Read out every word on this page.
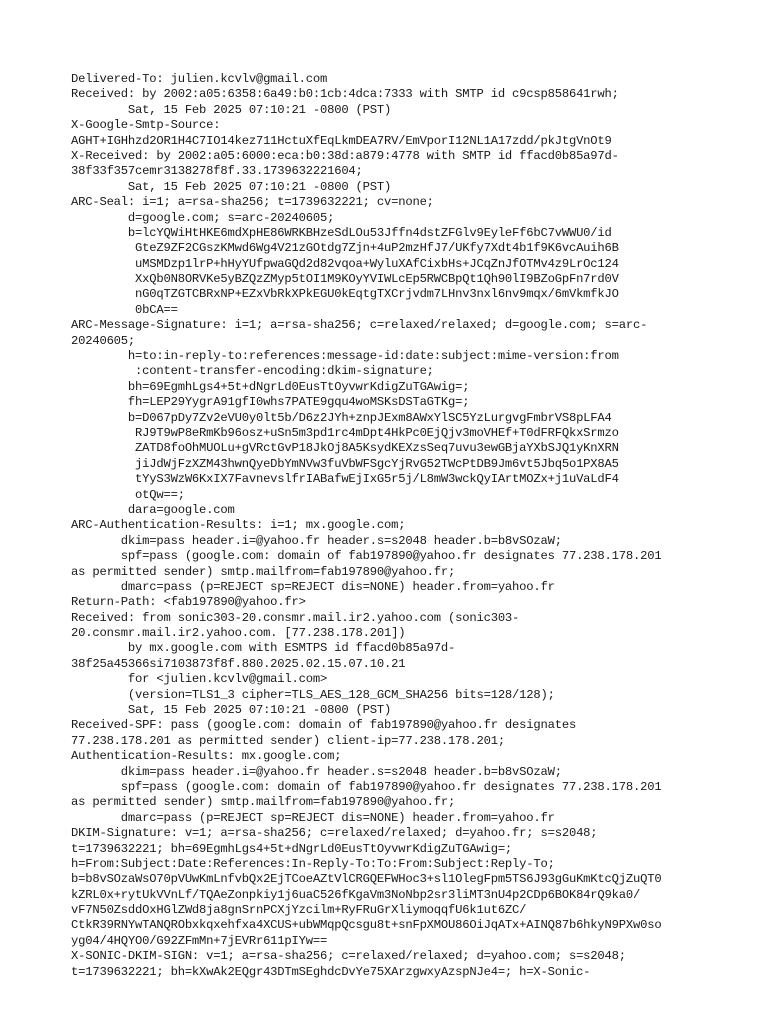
Delivered-To: julien.kcvlv@gmail.com
Received: by 2002:a05:6358:6a49:b0:1cb:4dca:7333 with SMTP id c9csp858641rwh;
Sat, 15 Feb 2025 07:10:21 -0800 (PST)
X-Google-Smtp-Source:
AGHT+IGHhzd2OR1H4C7IO14kez711HctuXfEqLkmDEA7RV/EmVporI12NL1A17zdd/pkJtgVnOt9
X-Received: by 2002:a05:6000:eca:b0:38d:a879:4778 with SMTP id ffacd0b85a97d-
38f33f357cemr3138278f8f.33.1739632221604;
Sat, 15 Feb 2025 07:10:21 -0800 (PST)
ARC-Seal: i=1; a=rsa-sha256; t=1739632221; cv=none;
d=google.com; s=arc-20240605;
b=lcYQWiHtHKE6mdXpHE86WRKBHzeSdLOu53Jffn4dstZFGlv9EyleFf6bC7vWWU0/id
GteZ9ZF2CGszKMwd6Wg4V21zGOtdg7Zjn+4uP2mzHfJ7/UKfy7Xdt4b1f9K6vcAuih6B
uMSMDzp1lrP+hHyYUfpwaGQd2d82vqoa+WyluXAfCixbHs+JCqZnJfOTMv4z9LrOc124
XxQb0N8ORVKe5yBZQzZMyp5tOI1M9KOyYVIWLcEp5RWCBpQt1Qh90lI9BZoGpFn7rd0V
nG0qTZGTCBRxNP+EZxVbRkXPkEGU0kEqtgTXCrjvdm7LHnv3nxl6nv9mqx/6mVkmfkJO
0bCA==
ARC-Message-Signature: i=1; a=rsa-sha256; c=relaxed/relaxed; d=google.com; s=arc-
20240605;
h=to:in-reply-to:references:message-id:date:subject:mime-version:from
:content-transfer-encoding:dkim-signature;
bh=69EgmhLgs4+5t+dNgrLd0EusTtOyvwrKdigZuTGAwig=;
fh=LEP29YygrA91gfI0whs7PATE9gqu4woMSKsDSTaGTKg=;
b=D067pDy7Zv2eVU0y0lt5b/D6z2JYh+znpJExm8AWxYlSC5YzLurgvgFmbrVS8pLFA4
RJ9T9wP8eRmKb96osz+uSn5m3pd1rc4mDpt4HkPc0EjQjv3moVHEf+T0dFRFQkxSrmzo
ZATD8foOhMUOLu+gVRctGvP18JkOj8A5KsydKEXzsSeq7uvu3ewGBjaYXbSJQ1yKnXRN
jiJdWjFzXZM43hwnQyeDbYmNVw3fuVbWFSgcYjRvG52TWcPtDB9Jm6vt5Jbq5o1PX8A5
tYyS3WzW6KxIX7FavnevslfrIABafwEjIxG5r5j/L8mW3wckQyIArtMOZx+j1uVaLdF4
otQw==;
dara=google.com
ARC-Authentication-Results: i=1; mx.google.com;
dkim=pass header.i=@yahoo.fr header.s=s2048 header.b=b8vSOzaW;
spf=pass (google.com: domain of fab197890@yahoo.fr designates 77.238.178.201
as permitted sender) smtp.mailfrom=fab197890@yahoo.fr;
dmarc=pass (p=REJECT sp=REJECT dis=NONE) header.from=yahoo.fr
Return-Path: <fab197890@yahoo.fr>
Received: from sonic303-20.consmr.mail.ir2.yahoo.com (sonic303-
20.consmr.mail.ir2.yahoo.com. [77.238.178.201])
by mx.google.com with ESMTPS id ffacd0b85a97d-
38f25a45366si7103873f8f.880.2025.02.15.07.10.21
for <julien.kcvlv@gmail.com>
(version=TLS1_3 cipher=TLS_AES_128_GCM_SHA256 bits=128/128);
Sat, 15 Feb 2025 07:10:21 -0800 (PST)
Received-SPF: pass (google.com: domain of fab197890@yahoo.fr designates
77.238.178.201 as permitted sender) client-ip=77.238.178.201;
Authentication-Results: mx.google.com;
dkim=pass header.i=@yahoo.fr header.s=s2048 header.b=b8vSOzaW;
spf=pass (google.com: domain of fab197890@yahoo.fr designates 77.238.178.201
as permitted sender) smtp.mailfrom=fab197890@yahoo.fr;
dmarc=pass (p=REJECT sp=REJECT dis=NONE) header.from=yahoo.fr
DKIM-Signature: v=1; a=rsa-sha256; c=relaxed/relaxed; d=yahoo.fr; s=s2048;
t=1739632221; bh=69EgmhLgs4+5t+dNgrLd0EusTtOyvwrKdigZuTGAwig=;
h=From:Subject:Date:References:In-Reply-To:To:From:Subject:Reply-To;
b=b8vSOzaWsO70pVUwKmLnfvbQx2EjTCoeAZtVlCRGQEFWHoc3+sl1OlegFpm5TS6J93gGuKmKtcQjZuQT0
kZRL0x+rytUkVVnLf/TQAeZonpkiy1j6uaC526fKgaVm3NoNbp2sr3liMT3nU4p2CDp6BOK84rQ9ka0/
vF7N50ZsddOxHGlZWd8ja8gnSrnPCXjYzcilm+RyFRuGrXliymoqqfU6k1ut6ZC/
CtkR39RNYwTANQRObxkqxehfxa4XCUS+ubWMqpQcsgu8t+snFpXMOU86OiJqATx+AINQ87b6hkyN9PXw0so
yg04/4HQYO0/G92ZFmMn+7jEVRr611pIYw==
X-SONIC-DKIM-SIGN: v=1; a=rsa-sha256; c=relaxed/relaxed; d=yahoo.com; s=s2048;
t=1739632221; bh=kXwAk2EQgr43DTmSEghdcDvYe75XArzgwxyAzspNJe4=; h=X-Sonic-
